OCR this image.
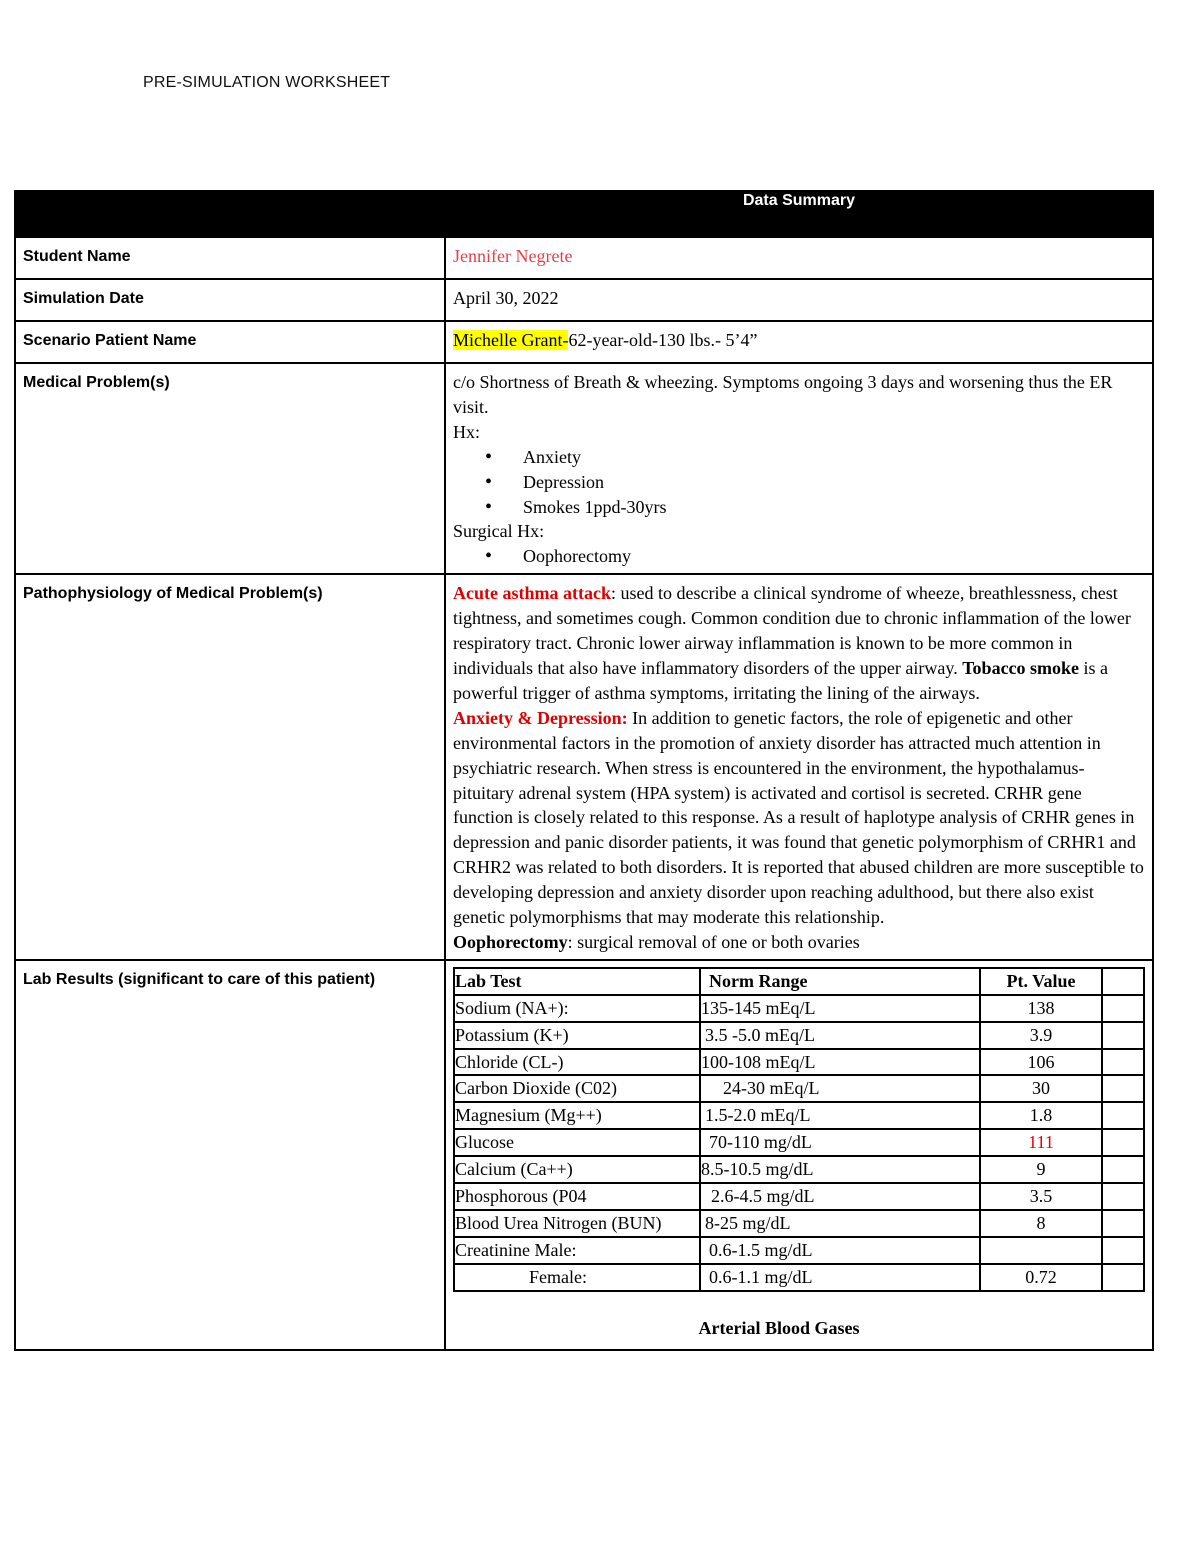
PRE-SIMULATION WORKSHEET
	Data Summary

Student Name	Jennifer Negrete

Simulation Date	April 30, 2022

Scenario Patient Name	Michelle Grant-62-year-old-130 lbs.- 5’4”

Medical Problem(s)	c/o Shortness of Breath & wheezing. Symptoms ongoing 3 days and worsening thus the ER visit.
Hx:
• Anxiety
• Depression
• Smokes 1ppd-30yrs
Surgical Hx:
• Oophorectomy

Pathophysiology of Medical Problem(s)	Acute asthma attack: used to describe a clinical syndrome of wheeze, breathlessness, chest tightness, and sometimes cough. Common condition due to chronic inflammation of the lower respiratory tract. Chronic lower airway inflammation is known to be more common in individuals that also have inflammatory disorders of the upper airway. Tobacco smoke is a powerful trigger of asthma symptoms, irritating the lining of the airways.
Anxiety & Depression: In addition to genetic factors, the role of epigenetic and other environmental factors in the promotion of anxiety disorder has attracted much attention in psychiatric research. When stress is encountered in the environment, the hypothalamus-pituitary adrenal system (HPA system) is activated and cortisol is secreted. CRHR gene function is closely related to this response. As a result of haplotype analysis of CRHR genes in depression and panic disorder patients, it was found that genetic polymorphism of CRHR1 and CRHR2 was related to both disorders. It is reported that abused children are more susceptible to developing depression and anxiety disorder upon reaching adulthood, but there also exist genetic polymorphisms that may moderate this relationship.
Oophorectomy: surgical removal of one or both ovaries

Lab Results (significant to care of this patient)
		Lab Test	Norm Range	Pt. Value	
Sodium (NA+):	135-145 mEq/L	138	
Potassium (K+)	3.5 -5.0 mEq/L	3.9	
Chloride (CL-)	100-108 mEq/L	106	
Carbon Dioxide (C02)	24-30 mEq/L	30	
Magnesium (Mg++)	1.5-2.0 mEq/L	1.8	
Glucose	70-110 mg/dL	111	
Calcium (Ca++)	8.5-10.5 mg/dL	9	
Phosphorous (P04	2.6-4.5 mg/dL	3.5	
Blood Urea Nitrogen (BUN)	8-25 mg/dL	8	
Creatinine Male:	0.6-1.5 mg/dL		
Female:	0.6-1.1 mg/dL	0.72	
Arterial Blood Gases
